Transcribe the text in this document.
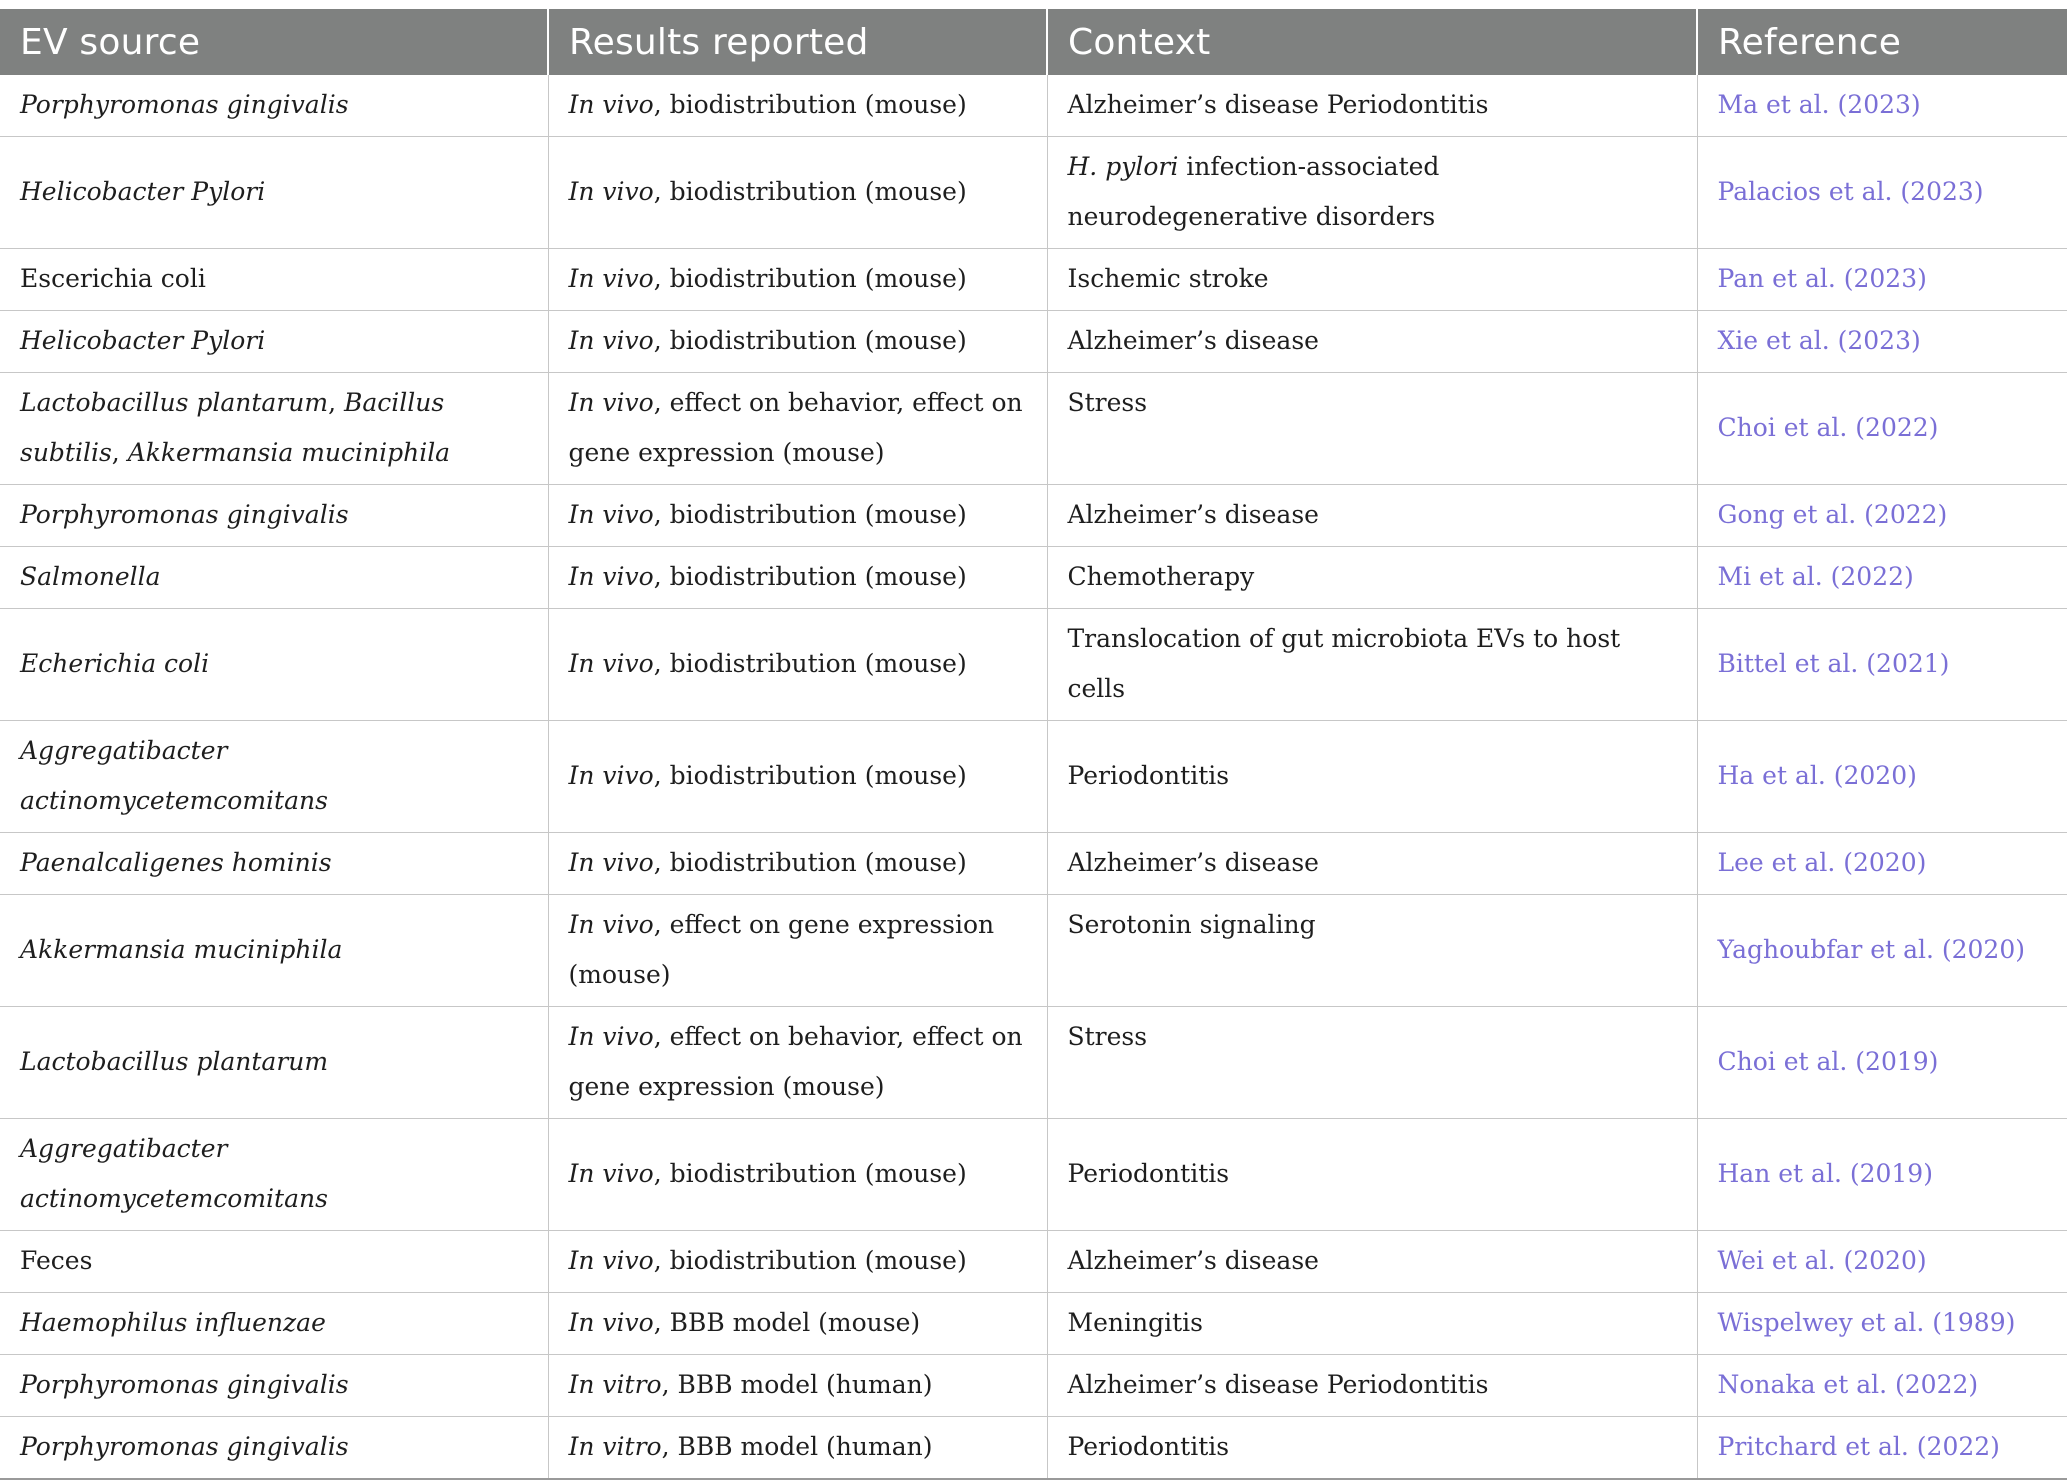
EV source	Results reported	Context	Reference
Porphyromonas gingivalis	In vivo, biodistribution (mouse)	Alzheimer’s disease Periodontitis	Ma et al. (2023)
Helicobacter Pylori	In vivo, biodistribution (mouse)	H. pylori infection-associated neurodegenerative disorders	Palacios et al. (2023)
Escerichia coli	In vivo, biodistribution (mouse)	Ischemic stroke	Pan et al. (2023)
Helicobacter Pylori	In vivo, biodistribution (mouse)	Alzheimer’s disease	Xie et al. (2023)
Lactobacillus plantarum, Bacillus subtilis, Akkermansia muciniphila	In vivo, effect on behavior, effect on gene expression (mouse)	Stress	Choi et al. (2022)
Porphyromonas gingivalis	In vivo, biodistribution (mouse)	Alzheimer’s disease	Gong et al. (2022)
Salmonella	In vivo, biodistribution (mouse)	Chemotherapy	Mi et al. (2022)
Echerichia coli	In vivo, biodistribution (mouse)	Translocation of gut microbiota EVs to host cells	Bittel et al. (2021)
Aggregatibacter actinomycetemcomitans	In vivo, biodistribution (mouse)	Periodontitis	Ha et al. (2020)
Paenalcaligenes hominis	In vivo, biodistribution (mouse)	Alzheimer’s disease	Lee et al. (2020)
Akkermansia muciniphila	In vivo, effect on gene expression (mouse)	Serotonin signaling	Yaghoubfar et al. (2020)
Lactobacillus plantarum	In vivo, effect on behavior, effect on gene expression (mouse)	Stress	Choi et al. (2019)
Aggregatibacter actinomycetemcomitans	In vivo, biodistribution (mouse)	Periodontitis	Han et al. (2019)
Feces	In vivo, biodistribution (mouse)	Alzheimer’s disease	Wei et al. (2020)
Haemophilus influenzae	In vivo, BBB model (mouse)	Meningitis	Wispelwey et al. (1989)
Porphyromonas gingivalis	In vitro, BBB model (human)	Alzheimer’s disease Periodontitis	Nonaka et al. (2022)
Porphyromonas gingivalis	In vitro, BBB model (human)	Periodontitis	Pritchard et al. (2022)
